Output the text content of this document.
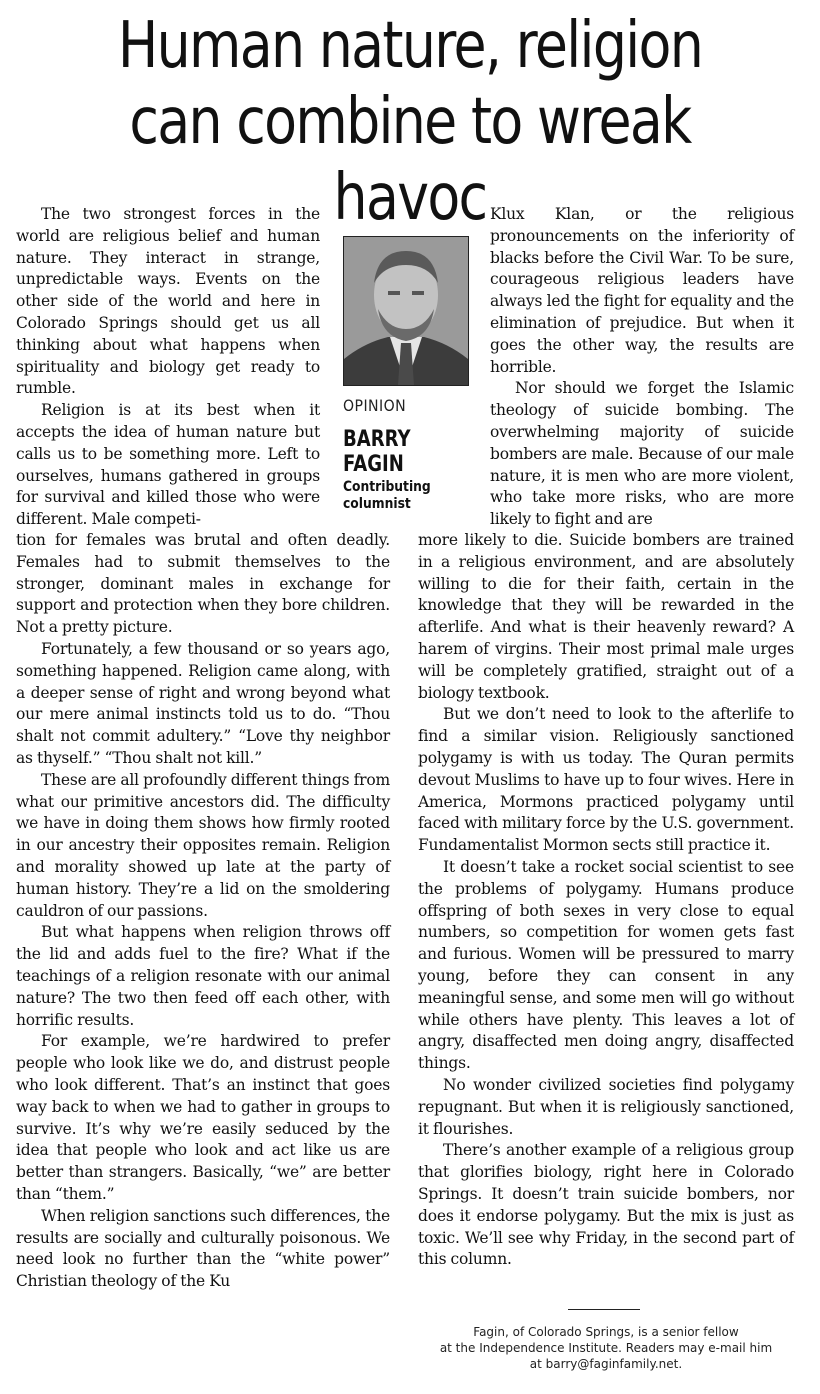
Human nature, religion
can combine to wreak havoc

The two strongest forces in the world are religious belief and human nature. They interact in strange, unpredictable ways. Events on the other side of the world and here in Colorado Springs should get us all thinking about what happens when spirituality and biology get ready to rumble.

Religion is at its best when it accepts the idea of human nature but calls us to be something more. Left to ourselves, humans gathered in groups for survival and killed those who were different. Male competi-

tion for females was brutal and often deadly. Females had to submit themselves to the stronger, dominant males in exchange for support and protection when they bore children. Not a pretty picture.

Fortunately, a few thousand or so years ago, something happened. Religion came along, with a deeper sense of right and wrong beyond what our mere animal instincts told us to do. “Thou shalt not commit adultery.” “Love thy neighbor as thyself.” “Thou shalt not kill.”

These are all profoundly different things from what our primitive ancestors did. The difficulty we have in doing them shows how firmly rooted in our ancestry their opposites remain. Religion and morality showed up late at the party of human history. They’re a lid on the smoldering cauldron of our passions.

But what happens when religion throws off the lid and adds fuel to the fire? What if the teachings of a religion resonate with our animal nature? The two then feed off each other, with horrific results.

For example, we’re hardwired to prefer people who look like we do, and distrust people who look different. That’s an instinct that goes way back to when we had to gather in groups to survive. It’s why we’re easily seduced by the idea that people who look and act like us are better than strangers. Basically, “we” are better than “them.”

When religion sanctions such differences, the results are socially and culturally poisonous. We need look no further than the “white power” Christian theology of the Ku

OPINION
BARRY
FAGIN
Contributing
columnist

Klux Klan, or the religious pronouncements on the inferiority of blacks before the Civil War. To be sure, courageous religious leaders have always led the fight for equality and the elimination of prejudice. But when it goes the other way, the results are horrible.

Nor should we forget the Islamic theology of suicide bombing. The overwhelming majority of suicide bombers are male. Because of our male nature, it is men who are more violent, who take more risks, who are more likely to fight and are

more likely to die. Suicide bombers are trained in a religious environment, and are absolutely willing to die for their faith, certain in the knowledge that they will be rewarded in the afterlife. And what is their heavenly reward? A harem of virgins. Their most primal male urges will be completely gratified, straight out of a biology textbook.

But we don’t need to look to the afterlife to find a similar vision. Religiously sanctioned polygamy is with us today. The Quran permits devout Muslims to have up to four wives. Here in America, Mormons practiced polygamy until faced with military force by the U.S. government. Fundamentalist Mormon sects still practice it.

It doesn’t take a rocket social scientist to see the problems of polygamy. Humans produce offspring of both sexes in very close to equal numbers, so competition for women gets fast and furious. Women will be pressured to marry young, before they can consent in any meaningful sense, and some men will go without while others have plenty. This leaves a lot of angry, disaffected men doing angry, disaffected things.

No wonder civilized societies find polygamy repugnant. But when it is religiously sanctioned, it flourishes.

There’s another example of a religious group that glorifies biology, right here in Colorado Springs. It doesn’t train suicide bombers, nor does it endorse polygamy. But the mix is just as toxic. We’ll see why Friday, in the second part of this column.

Fagin, of Colorado Springs, is a senior fellow
at the Independence Institute. Readers may e-mail him
at barry@faginfamily.net.
